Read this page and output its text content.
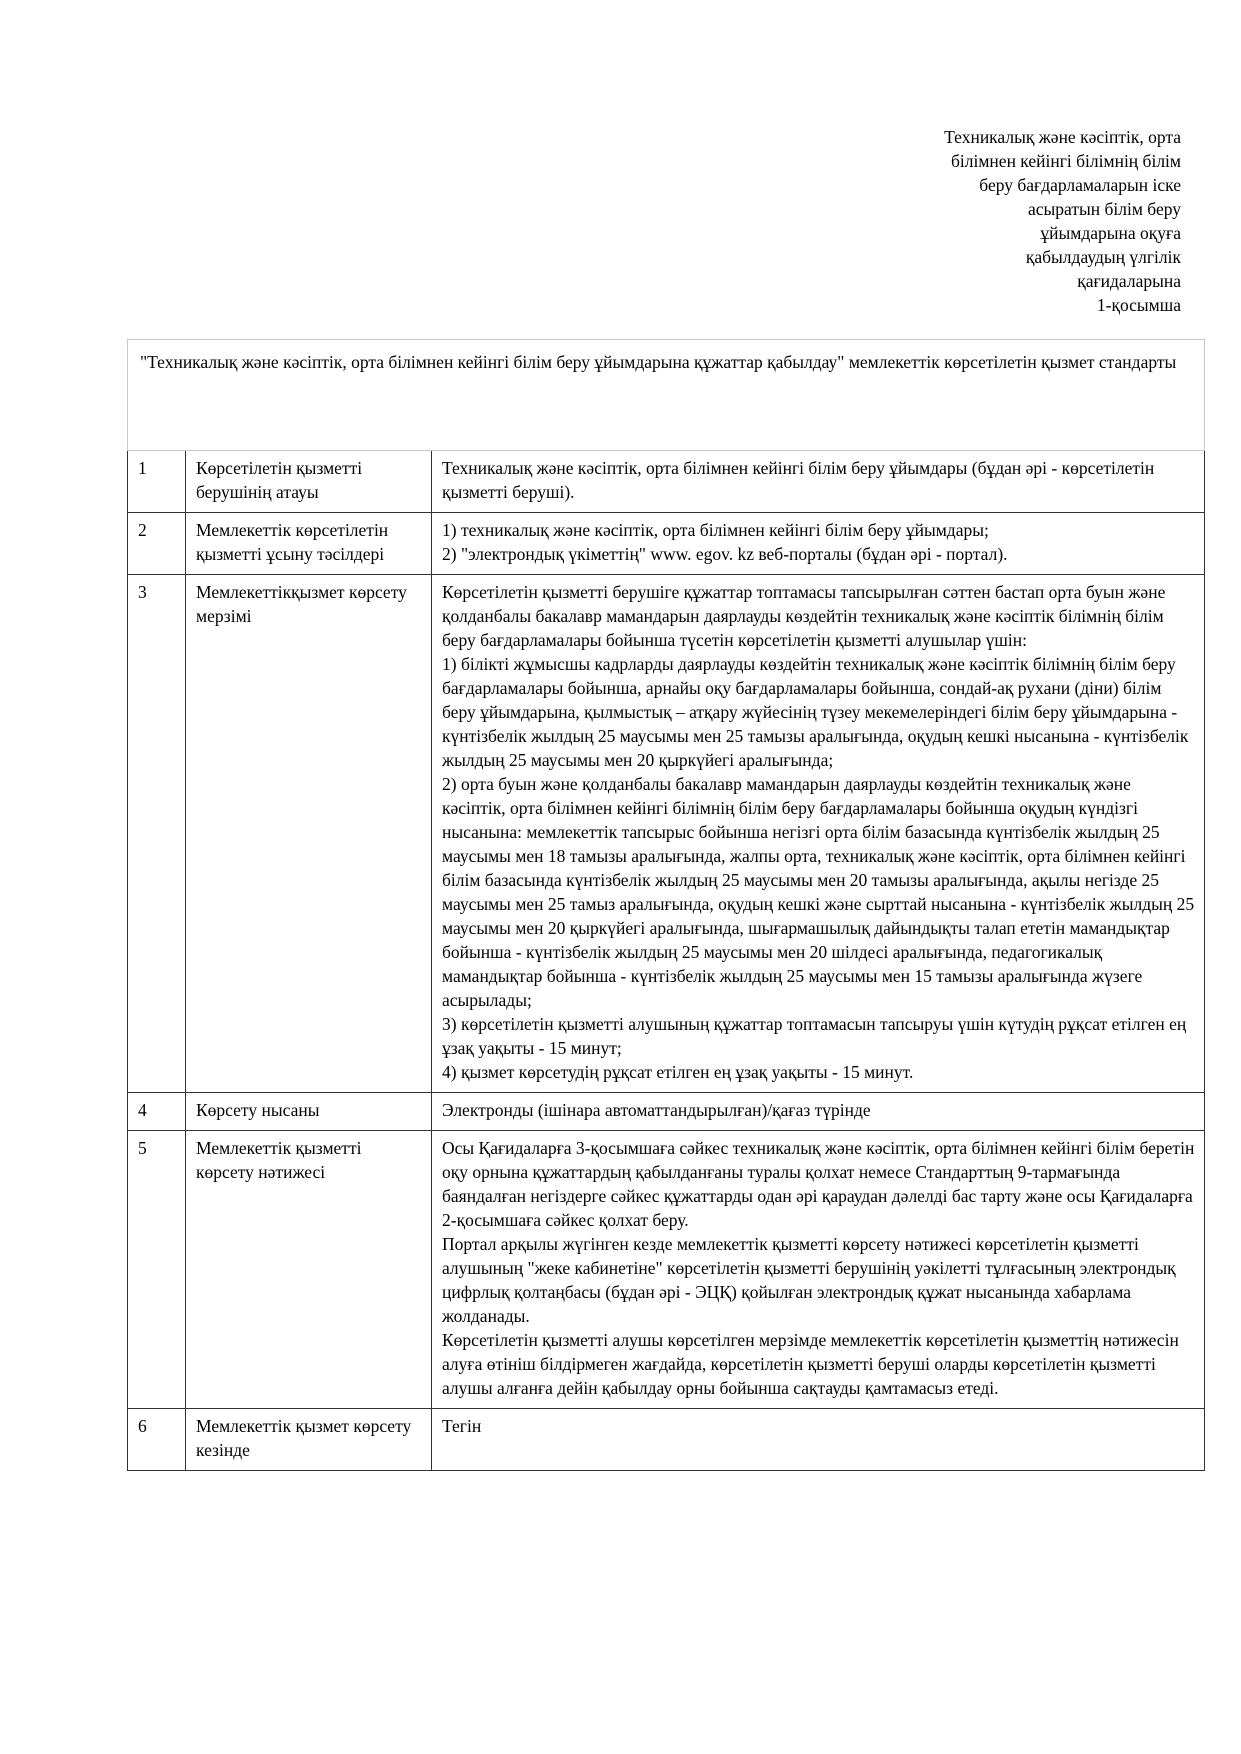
Техникалық және кәсіптік, орта
білімнен кейінгі білімнің білім
беру бағдарламаларын іске
асыратын білім беру
ұйымдарына оқуға
қабылдаудың үлгілік
қағидаларына
1-қосымша
"Техникалық және кәсіптік, орта білімнен кейінгі білім беру ұйымдарына құжаттар қабылдау" мемлекеттік көрсетілетін қызмет стандарты		
1	Көрсетілетін қызметті берушінің атауы	Техникалық және кәсіптік, орта білімнен кейінгі білім беру ұйымдары (бұдан әрі - көрсетілетін қызметті беруші).

2	Мемлекеттік көрсетілетін қызметті ұсыну тәсілдері	1) техникалық және кәсіптік, орта білімнен кейінгі білім беру ұйымдары;

2) "электрондық үкіметтің" www. egov. kz веб-порталы (бұдан әрі - портал).

3	Мемлекеттікқызмет көрсету мерзімі	Көрсетілетін қызметті берушіге құжаттар топтамасы тапсырылған сәттен бастап орта буын және қолданбалы бакалавр мамандарын даярлауды көздейтін техникалық және кәсіптік білімнің білім беру бағдарламалары бойынша түсетін көрсетілетін қызметті алушылар үшін:

1) білікті жұмысшы кадрларды даярлауды көздейтін техникалық және кәсіптік білімнің білім беру бағдарламалары бойынша, арнайы оқу бағдарламалары бойынша, сондай-ақ рухани (діни) білім беру ұйымдарына, қылмыстық – атқару жүйесінің түзеу мекемелеріндегі білім беру ұйымдарына - күнтізбелік жылдың 25 маусымы мен 25 тамызы аралығында, оқудың кешкі нысанына - күнтізбелік жылдың 25 маусымы мен 20 қыркүйегі аралығында;

2) орта буын және қолданбалы бакалавр мамандарын даярлауды көздейтін техникалық және кәсіптік, орта білімнен кейінгі білімнің білім беру бағдарламалары бойынша оқудың күндізгі нысанына: мемлекеттік тапсырыс бойынша негізгі орта білім базасында күнтізбелік жылдың 25 маусымы мен 18 тамызы аралығында, жалпы орта, техникалық және кәсіптік, орта білімнен кейінгі білім базасында күнтізбелік жылдың 25 маусымы мен 20 тамызы аралығында, ақылы негізде 25 маусымы мен 25 тамыз аралығында, оқудың кешкі және сырттай нысанына - күнтізбелік жылдың 25 маусымы мен 20 қыркүйегі аралығында, шығармашылық дайындықты талап ететін мамандықтар бойынша - күнтізбелік жылдың 25 маусымы мен 20 шілдесі аралығында, педагогикалық мамандықтар бойынша - күнтізбелік жылдың 25 маусымы мен 15 тамызы аралығында жүзеге асырылады;

3) көрсетілетін қызметті алушының құжаттар топтамасын тапсыруы үшін күтудің рұқсат етілген ең ұзақ уақыты - 15 минут;

4) қызмет көрсетудің рұқсат етілген ең ұзақ уақыты - 15 минут.

4	Көрсету нысаны	Электронды (ішінара автоматтандырылған)/қағаз түрінде

5	Мемлекеттік қызметті көрсету нәтижесі	Осы Қағидаларға 3-қосымшаға сәйкес техникалық және кәсіптік, орта білімнен кейінгі білім беретін оқу орнына құжаттардың қабылданғаны туралы қолхат немесе Стандарттың 9-тармағында баяндалған негіздерге сәйкес құжаттарды одан әрі қараудан дәлелді бас тарту және осы Қағидаларға 2-қосымшаға сәйкес қолхат беру.

Портал арқылы жүгінген кезде мемлекеттік қызметті көрсету нәтижесі көрсетілетін қызметті алушының "жеке кабинетіне" көрсетілетін қызметті берушінің уәкілетті тұлғасының электрондық цифрлық қолтаңбасы (бұдан әрі - ЭЦҚ) қойылған электрондық құжат нысанында хабарлама жолданады.

Көрсетілетін қызметті алушы көрсетілген мерзімде мемлекеттік көрсетілетін қызметтің нәтижесін алуға өтініш білдірмеген жағдайда, көрсетілетін қызметті беруші оларды көрсетілетін қызметті алушы алғанға дейін қабылдау орны бойынша сақтауды қамтамасыз етеді.

6	Мемлекеттік қызмет көрсету кезінде	Тегін
